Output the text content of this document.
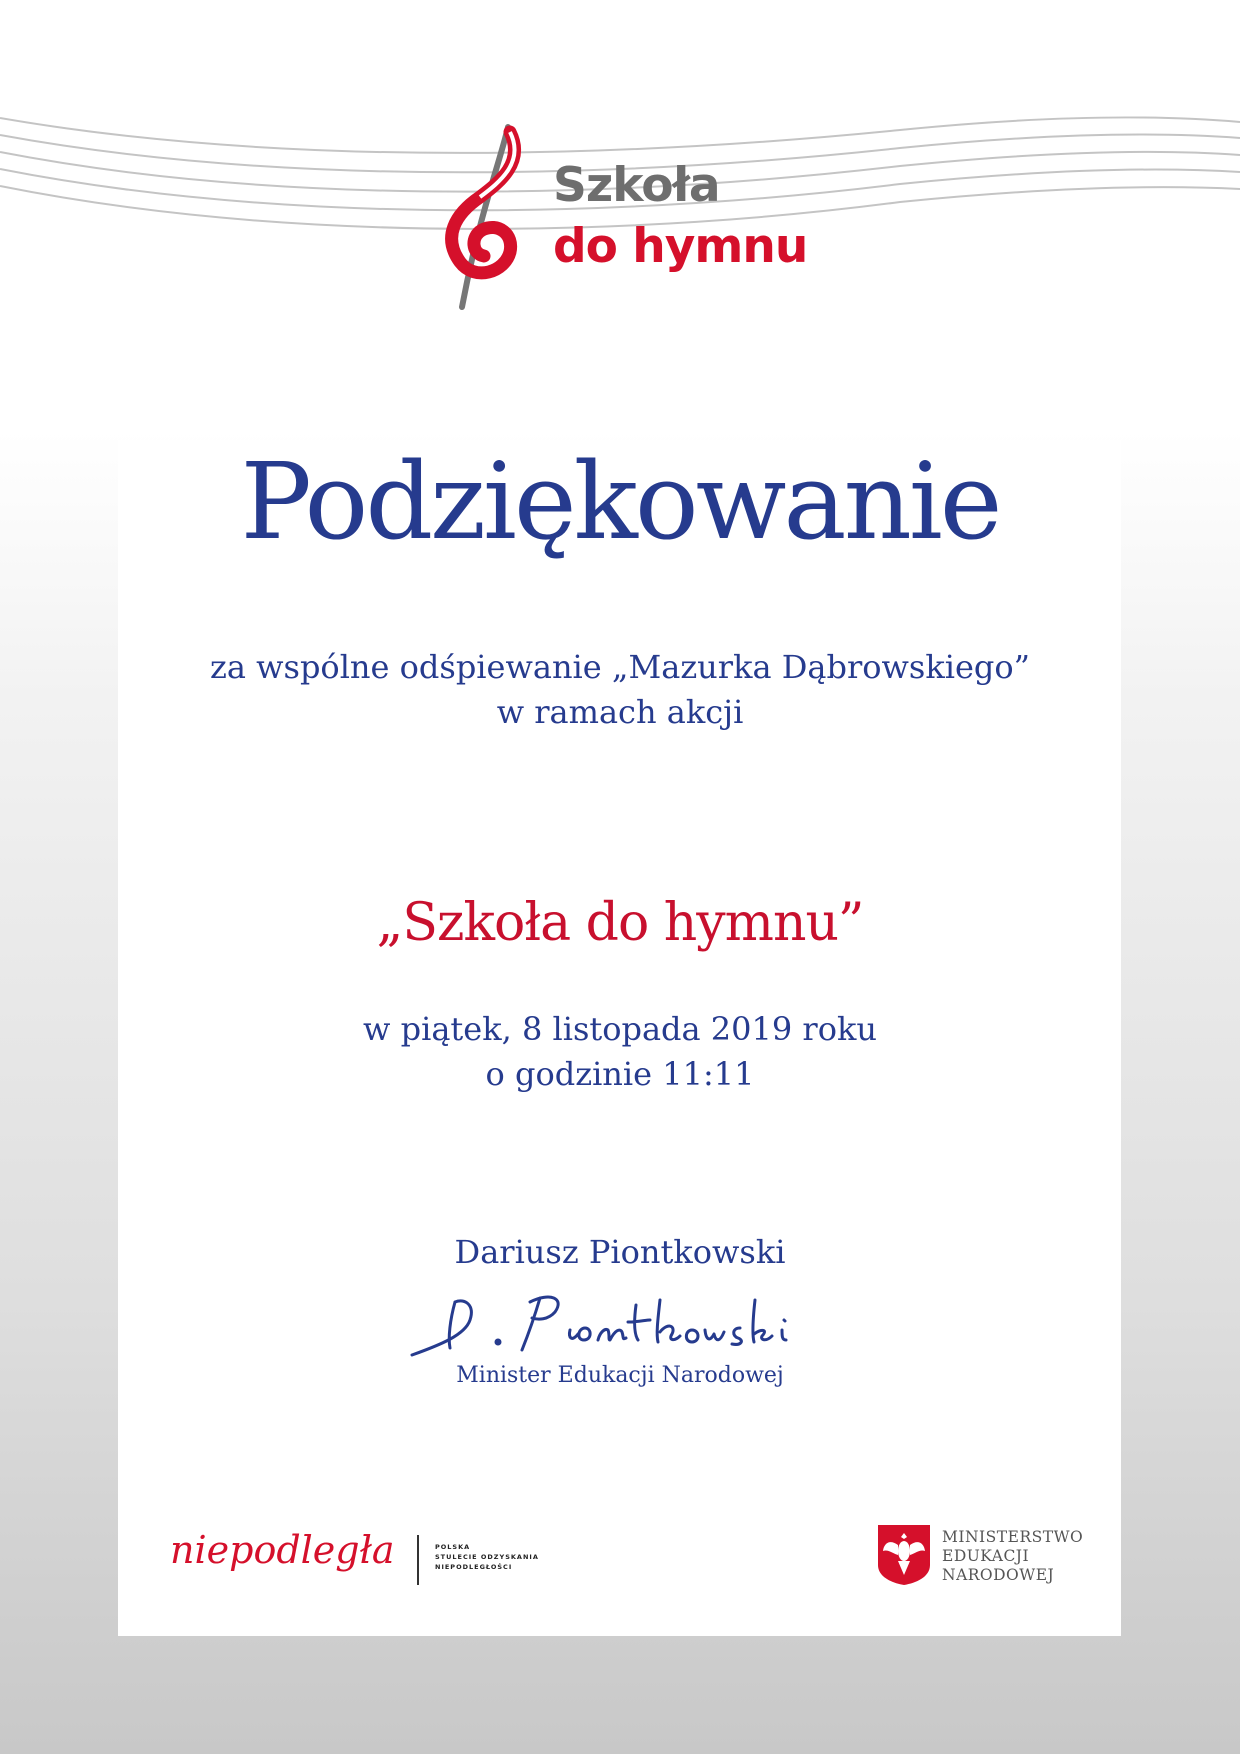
Szkoła
do hymnu
Podziękowanie
za wspólne odśpiewanie „Mazurka Dąbrowskiego”
w ramach akcji
„Szkoła do hymnu”
w piątek, 8 listopada 2019 roku
o godzinie 11:11
Dariusz Piontkowski
Minister Edukacji Narodowej
niepodległa	POLSKA
STULECIE ODZYSKANIA
NIEPODLEGŁOŚCI
MINISTERSTWO
EDUKACJI
NARODOWEJ
